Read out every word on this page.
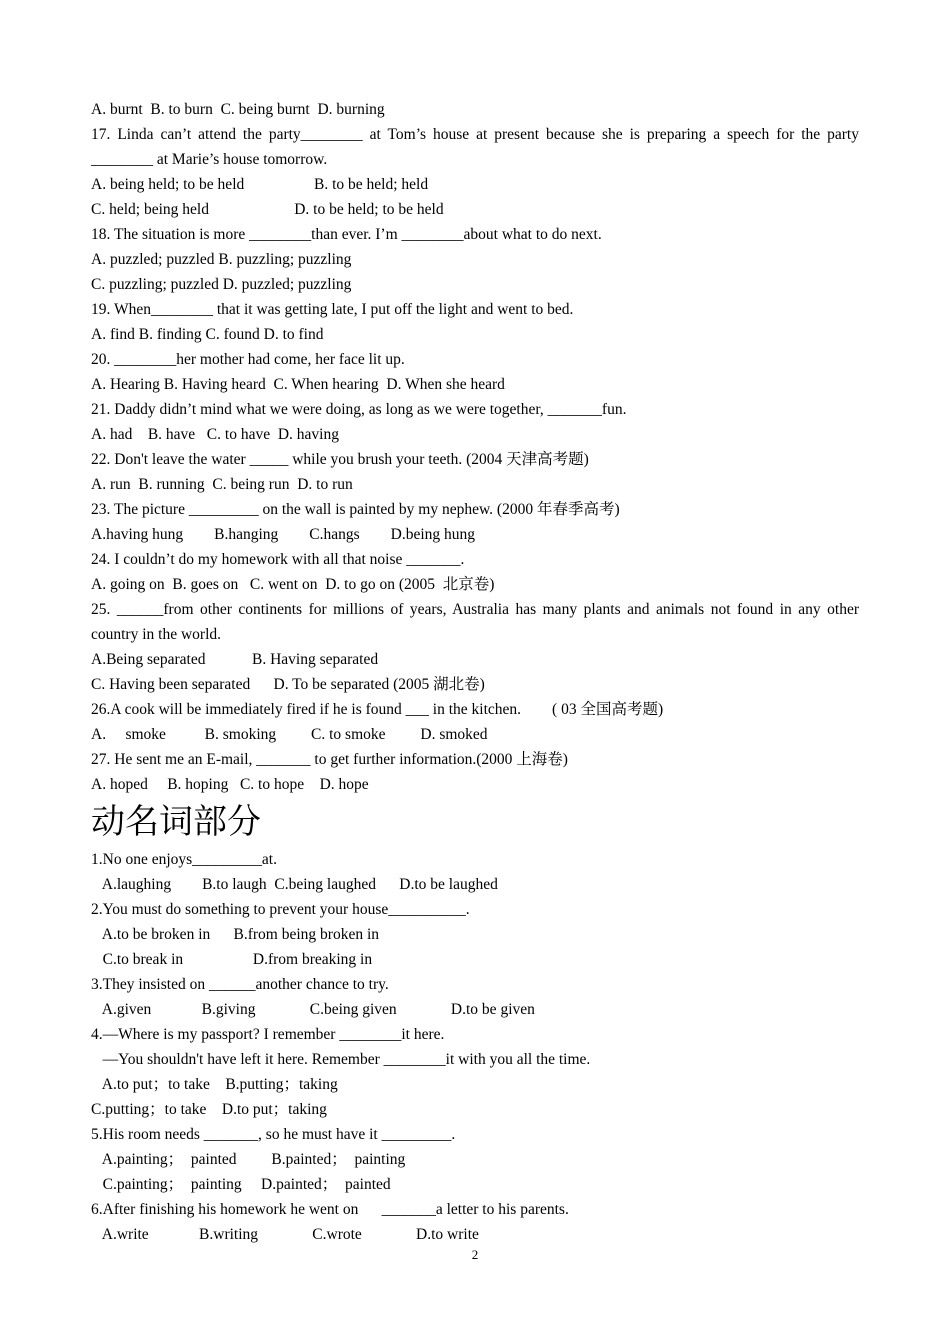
A. burnt  B. to burn  C. being burnt  D. burning
17. Linda can’t attend the party________ at Tom’s house at present because she is preparing a speech for the party ________ at Marie’s house tomorrow.
A. being held; to be held                  B. to be held; held
C. held; being held                      D. to be held; to be held
18. The situation is more ________than ever. I’m ________about what to do next.
A. puzzled; puzzled B. puzzling; puzzling
C. puzzling; puzzled D. puzzled; puzzling
19. When________ that it was getting late, I put off the light and went to bed.
A. find B. finding C. found D. to find
20. ________her mother had come, her face lit up.
A. Hearing B. Having heard  C. When hearing  D. When she heard
21. Daddy didn’t mind what we were doing, as long as we were together, _______fun.
A. had    B. have   C. to have  D. having
22. Don't leave the water _____ while you brush your teeth. (2004 天津高考题)
A. run  B. running  C. being run  D. to run
23. The picture _________ on the wall is painted by my nephew. (2000 年春季高考)
A.having hung        B.hanging        C.hangs        D.being hung
24. I couldn’t do my homework with all that noise _______.
A. going on  B. goes on   C. went on  D. to go on (2005  北京卷)
25. ______from other continents for millions of years, Australia has many plants and animals not found in any other country in the world.
A.Being separated            B. Having separated
C. Having been separated      D. To be separated (2005 湖北卷)
26.A cook will be immediately fired if he is found ___ in the kitchen.        ( 03 全国高考题)
A.     smoke          B. smoking         C. to smoke         D. smoked
27. He sent me an E-mail, _______ to get further information.(2000 上海卷)
A. hoped     B. hoping   C. to hope    D. hope
动名词部分
1.No one enjoys_________at.
A.laughing        B.to laugh  C.being laughed      D.to be laughed
2.You must do something to prevent your house__________.
A.to be broken in      B.from being broken in
C.to break in                  D.from breaking in
3.They insisted on ______another chance to try.
A.given             B.giving              C.being given              D.to be given
4.—Where is my passport? I remember ________it here.
—You shouldn't have left it here. Remember ________it with you all the time.
A.to put；to take    B.putting；taking
C.putting；to take    D.to put；taking
5.His room needs _______, so he must have it _________.
A.painting；  painted         B.painted；  painting
C.painting；  painting     D.painted；  painted
6.After finishing his homework he went on      _______a letter to his parents.
A.write             B.writing              C.wrote              D.to write
2
